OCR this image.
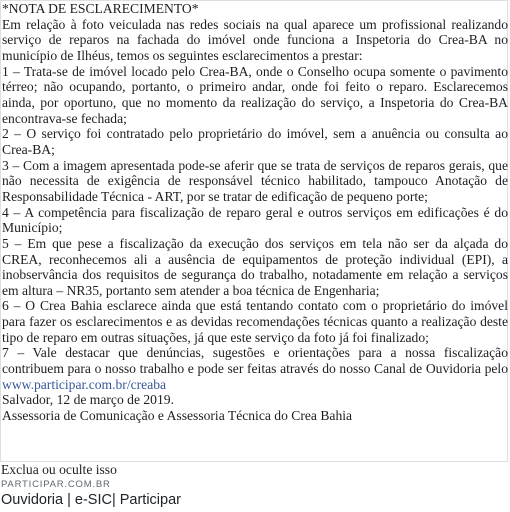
*NOTA DE ESCLARECIMENTO*

Em relação à foto veiculada nas redes sociais na qual aparece um profissional realizando serviço de reparos na fachada do imóvel onde funciona a Inspetoria do Crea-BA no município de Ilhéus, temos os seguintes esclarecimentos a prestar:

1 – Trata-se de imóvel locado pelo Crea-BA, onde o Conselho ocupa somente o pavimento térreo; não ocupando, portanto, o primeiro andar, onde foi feito o reparo. Esclarecemos ainda, por oportuno, que no momento da realização do serviço, a Inspetoria do Crea-BA encontrava-se fechada;

2 – O serviço foi contratado pelo proprietário do imóvel, sem a anuência ou consulta ao Crea-BA;

3 – Com a imagem apresentada pode-se aferir que se trata de serviços de reparos gerais, que não necessita de exigência de responsável técnico habilitado, tampouco Anotação de Responsabilidade Técnica - ART, por se tratar de edificação de pequeno porte;

4 – A competência para fiscalização de reparo geral e outros serviços em edificações é do Município;

5 – Em que pese a fiscalização da execução dos serviços em tela não ser da alçada do CREA, reconhecemos ali a ausência de equipamentos de proteção individual (EPI), a inobservância dos requisitos de segurança do trabalho, notadamente em relação a serviços em altura – NR35, portanto sem atender a boa técnica de Engenharia;

6 – O Crea Bahia esclarece ainda que está tentando contato com o proprietário do imóvel para fazer os esclarecimentos e as devidas recomendações técnicas quanto a realização deste tipo de reparo em outras situações, já que este serviço da foto já foi finalizado;

7 – Vale destacar que denúncias, sugestões e orientações para a nossa fiscalização contribuem para o nosso trabalho e pode ser feitas através do nosso Canal de Ouvidoria pelo www.participar.com.br/creaba

Salvador, 12 de março de 2019.

Assessoria de Comunicação e Assessoria Técnica do Crea Bahia

Exclua ou oculte isso
PARTICIPAR.COM.BR
Ouvidoria | e-SIC| Participar
